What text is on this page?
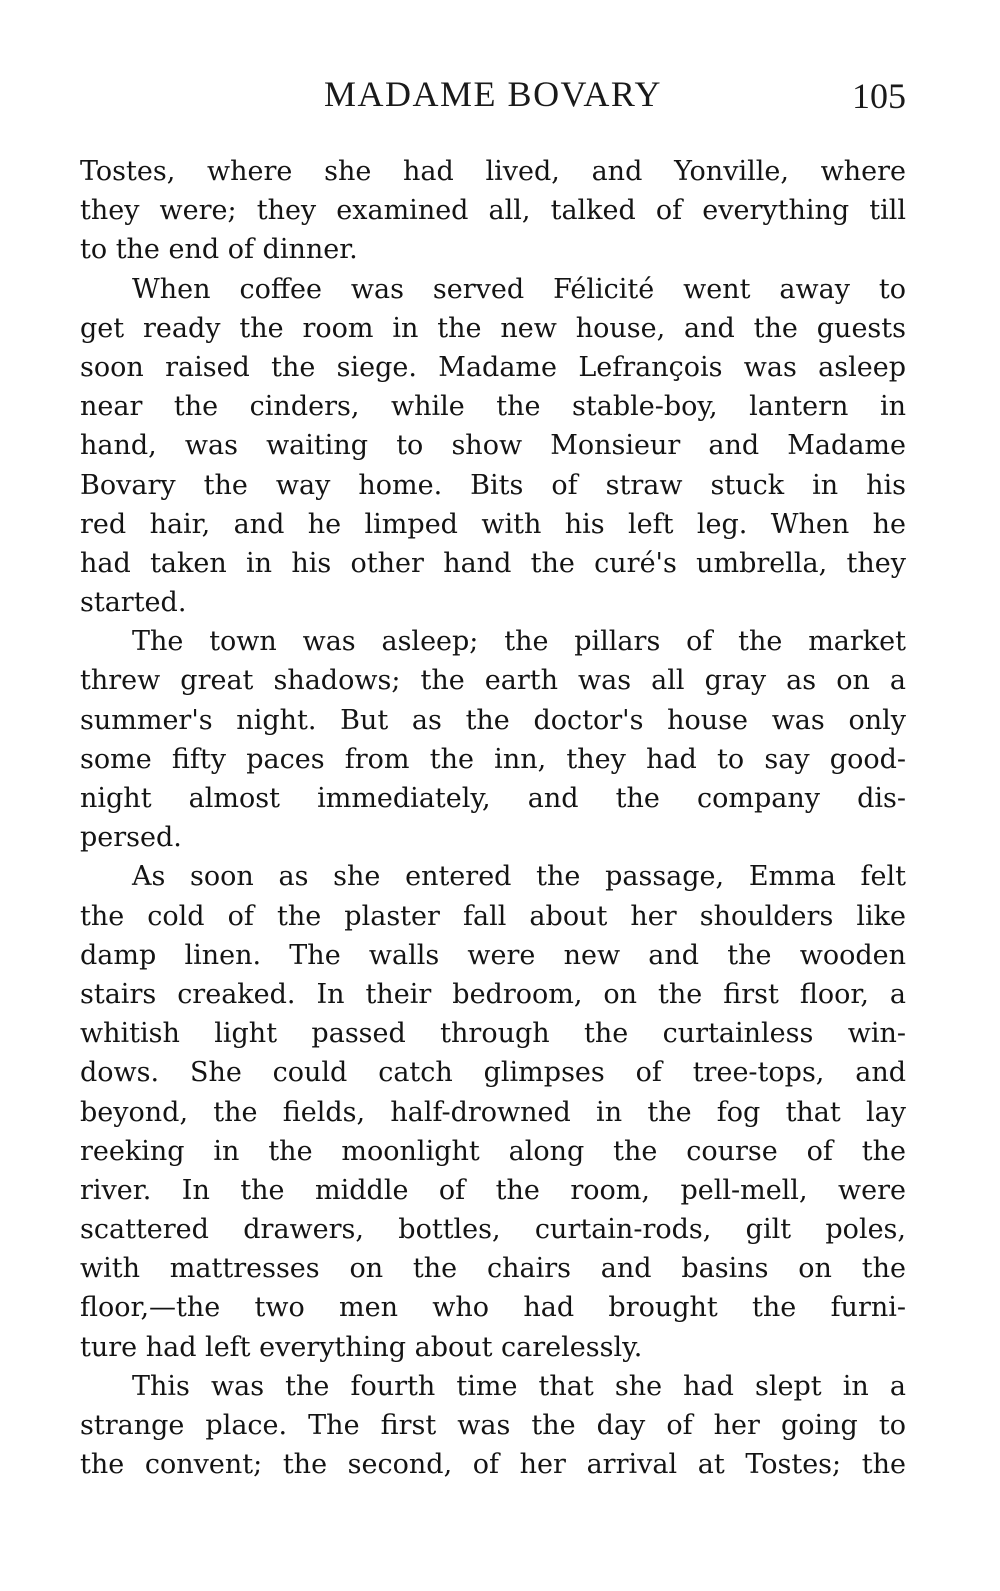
MADAME BOVARY	105
Tostes, where she had lived, and Yonville, where
they were; they examined all, talked of everything till
to the end of dinner.
When coffee was served Félicité went away to
get ready the room in the new house, and the guests
soon raised the siege. Madame Lefrançois was asleep
near the cinders, while the stable-boy, lantern in
hand, was waiting to show Monsieur and Madame
Bovary the way home. Bits of straw stuck in his
red hair, and he limped with his left leg. When he
had taken in his other hand the curé's umbrella, they
started.
The town was asleep; the pillars of the market
threw great shadows; the earth was all gray as on a
summer's night. But as the doctor's house was only
some fifty paces from the inn, they had to say good-
night almost immediately, and the company dis-
persed.
As soon as she entered the passage, Emma felt
the cold of the plaster fall about her shoulders like
damp linen. The walls were new and the wooden
stairs creaked. In their bedroom, on the first floor, a
whitish light passed through the curtainless win-
dows. She could catch glimpses of tree-tops, and
beyond, the fields, half-drowned in the fog that lay
reeking in the moonlight along the course of the
river. In the middle of the room, pell-mell, were
scattered drawers, bottles, curtain-rods, gilt poles,
with mattresses on the chairs and basins on the
floor,—the two men who had brought the furni-
ture had left everything about carelessly.
This was the fourth time that she had slept in a
strange place. The first was the day of her going to
the convent; the second, of her arrival at Tostes; the
